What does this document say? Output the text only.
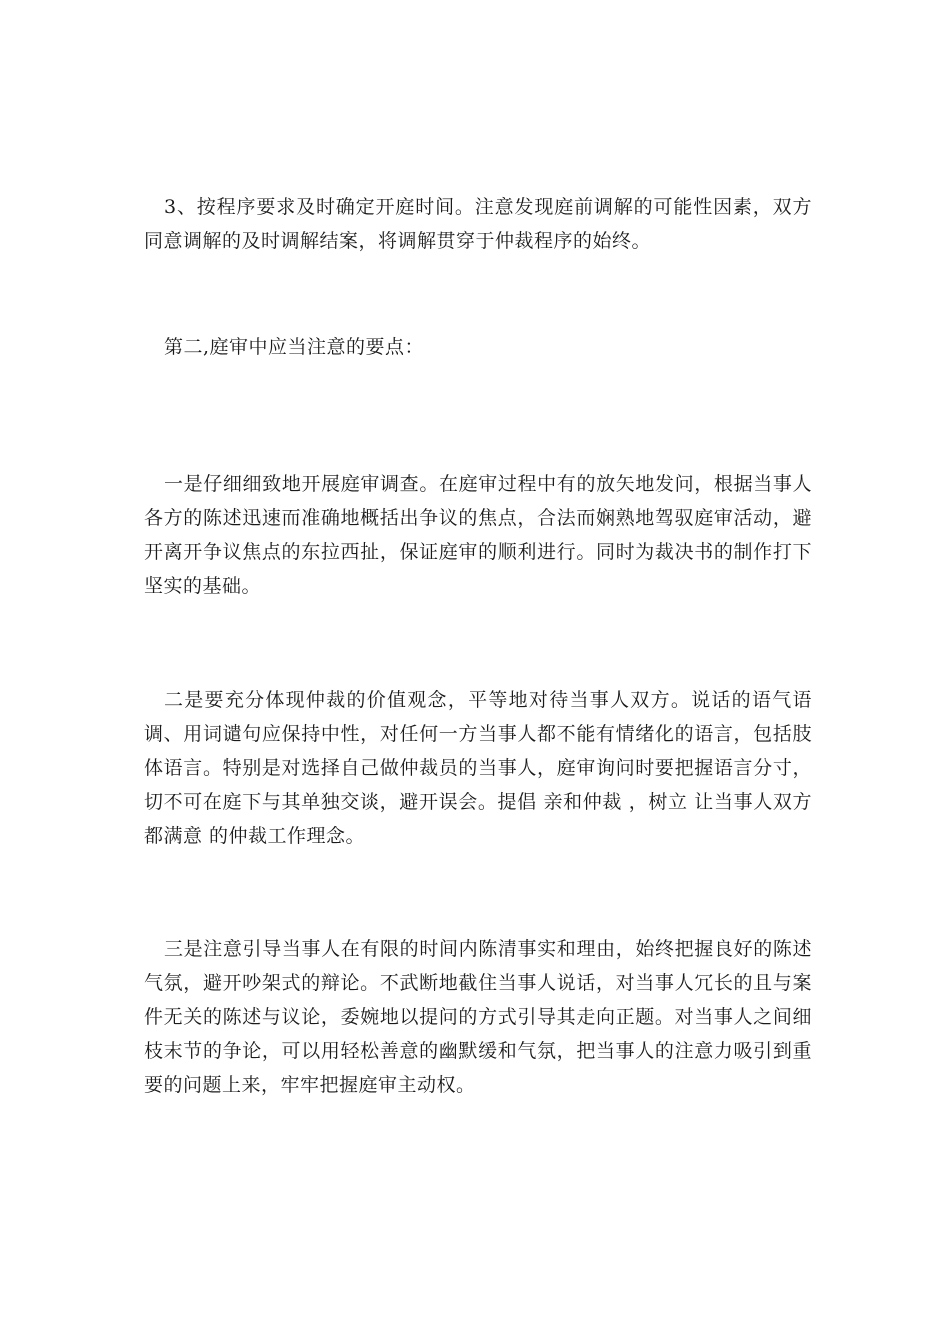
3、按程序要求及时确定开庭时间。注意发现庭前调解的可能性因素，双方同意调解的及时调解结案，将调解贯穿于仲裁程序的始终。

第二,庭审中应当注意的要点：

一是仔细细致地开展庭审调查。在庭审过程中有的放矢地发问，根据当事人各方的陈述迅速而准确地概括出争议的焦点，合法而娴熟地驾驭庭审活动，避开离开争议焦点的东拉西扯，保证庭审的顺利进行。同时为裁决书的制作打下坚实的基础。

二是要充分体现仲裁的价值观念，平等地对待当事人双方。说话的语气语调、用词谴句应保持中性，对任何一方当事人都不能有情绪化的语言，包括肢体语言。特别是对选择自己做仲裁员的当事人，庭审询问时要把握语言分寸，切不可在庭下与其单独交谈，避开误会。提倡 亲和仲裁 ，树立 让当事人双方都满意 的仲裁工作理念。

三是注意引导当事人在有限的时间内陈清事实和理由，始终把握良好的陈述气氛，避开吵架式的辩论。不武断地截住当事人说话，对当事人冗长的且与案件无关的陈述与议论，委婉地以提问的方式引导其走向正题。对当事人之间细枝末节的争论，可以用轻松善意的幽默缓和气氛，把当事人的注意力吸引到重要的问题上来，牢牢把握庭审主动权。
